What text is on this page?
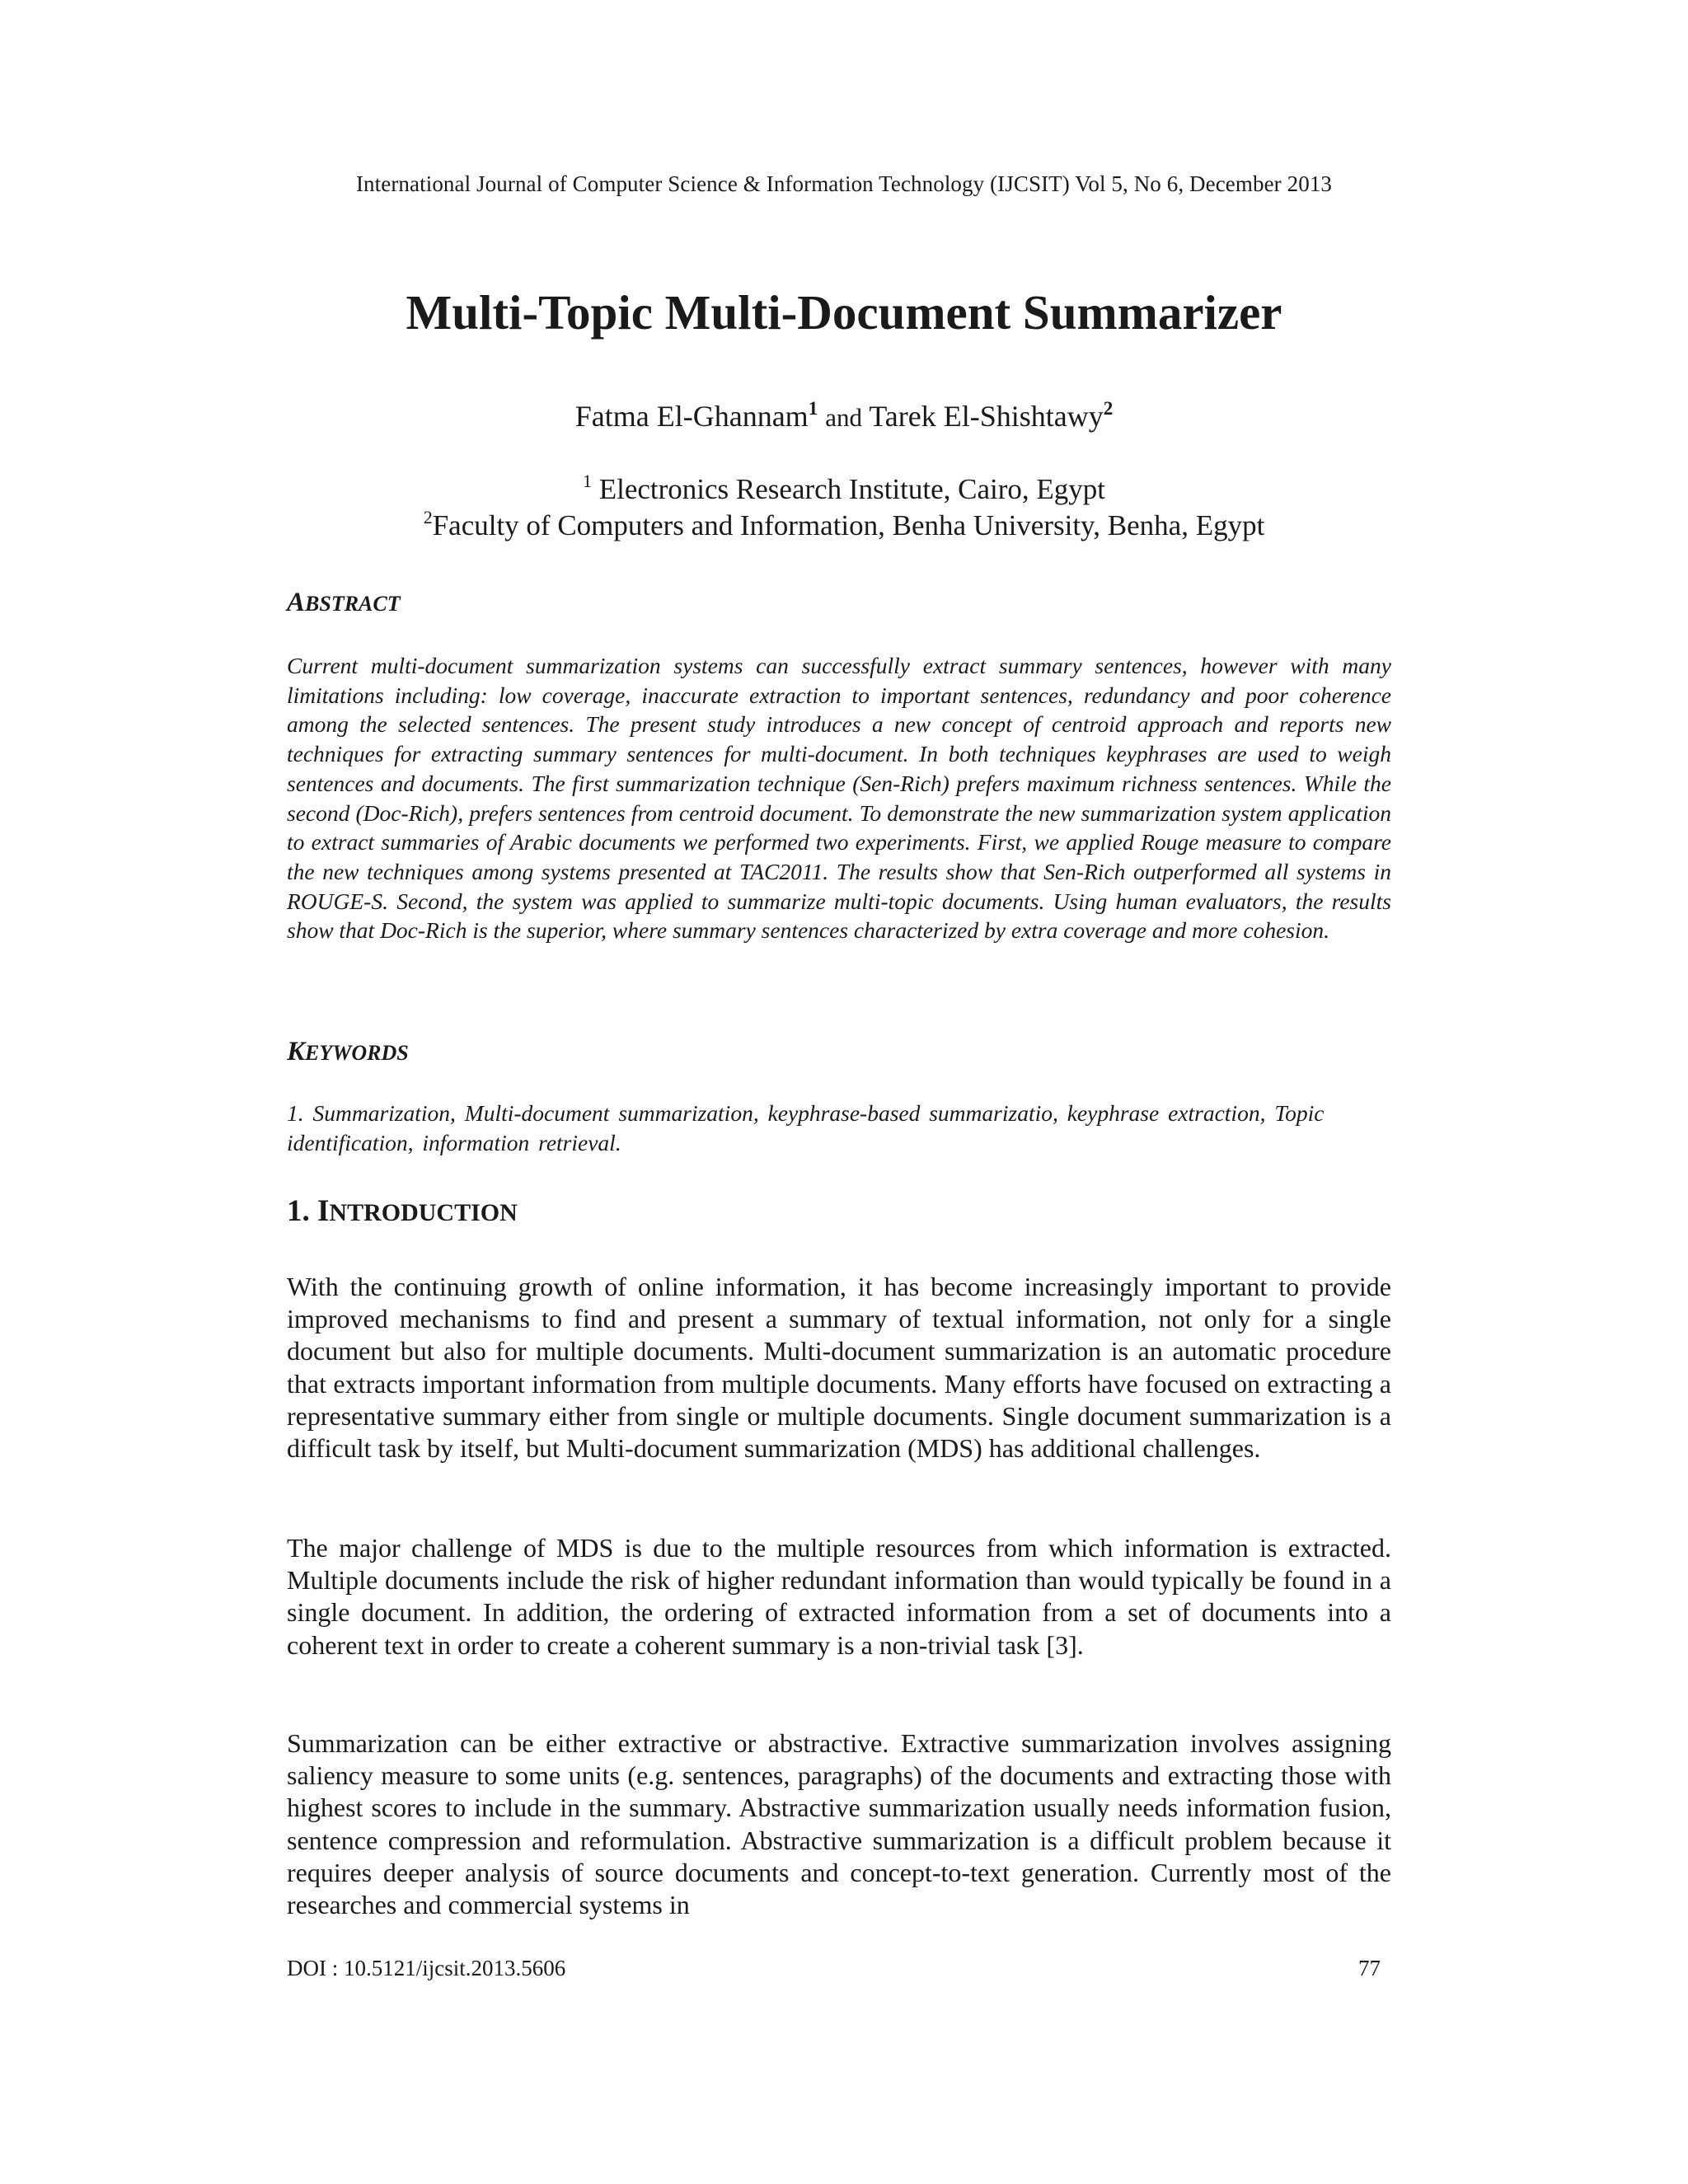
International Journal of Computer Science & Information Technology (IJCSIT) Vol 5, No 6, December 2013
Multi-Topic Multi-Document Summarizer
Fatma El-Ghannam$^1$ and Tarek El-Shishtawy$^2$
$^1$ Electronics Research Institute, Cairo, Egypt
$^2$Faculty of Computers and Information, Benha University, Benha, Egypt
ABSTRACT
Current multi-document summarization systems can successfully extract summary sentences, however with many limitations including: low coverage, inaccurate extraction to important sentences, redundancy and poor coherence among the selected sentences. The present study introduces a new concept of centroid approach and reports new techniques for extracting summary sentences for multi-document. In both techniques keyphrases are used to weigh sentences and documents. The first summarization technique (Sen-Rich) prefers maximum richness sentences. While the second (Doc-Rich), prefers sentences from centroid document. To demonstrate the new summarization system application to extract summaries of Arabic documents we performed two experiments. First, we applied Rouge measure to compare the new techniques among systems presented at TAC2011. The results show that Sen-Rich outperformed all systems in ROUGE-S. Second, the system was applied to summarize multi-topic documents. Using human evaluators, the results show that Doc-Rich is the superior, where summary sentences characterized by extra coverage and more cohesion.
KEYWORDS
1. Summarization, Multi-document summarization, keyphrase-based summarizatio, keyphrase extraction, Topic identification, information retrieval.
1. INTRODUCTION
With the continuing growth of online information, it has become increasingly important to provide improved mechanisms to find and present a summary of textual information, not only for a single document but also for multiple documents. Multi-document summarization is an automatic procedure that extracts important information from multiple documents. Many efforts have focused on extracting a representative summary either from single or multiple documents. Single document summarization is a difficult task by itself, but Multi-document summarization (MDS) has additional challenges.
The major challenge of MDS is due to the multiple resources from which information is extracted. Multiple documents include the risk of higher redundant information than would typically be found in a single document. In addition, the ordering of extracted information from a set of documents into a coherent text in order to create a coherent summary is a non-trivial task [3].
Summarization can be either extractive or abstractive. Extractive summarization involves assigning saliency measure to some units (e.g. sentences, paragraphs) of the documents and extracting those with highest scores to include in the summary. Abstractive summarization usually needs information fusion, sentence compression and reformulation. Abstractive summarization is a difficult problem because it requires deeper analysis of source documents and concept-to-text generation. Currently most of the researches and commercial systems in
DOI : 10.5121/ijcsit.2013.5606	77
